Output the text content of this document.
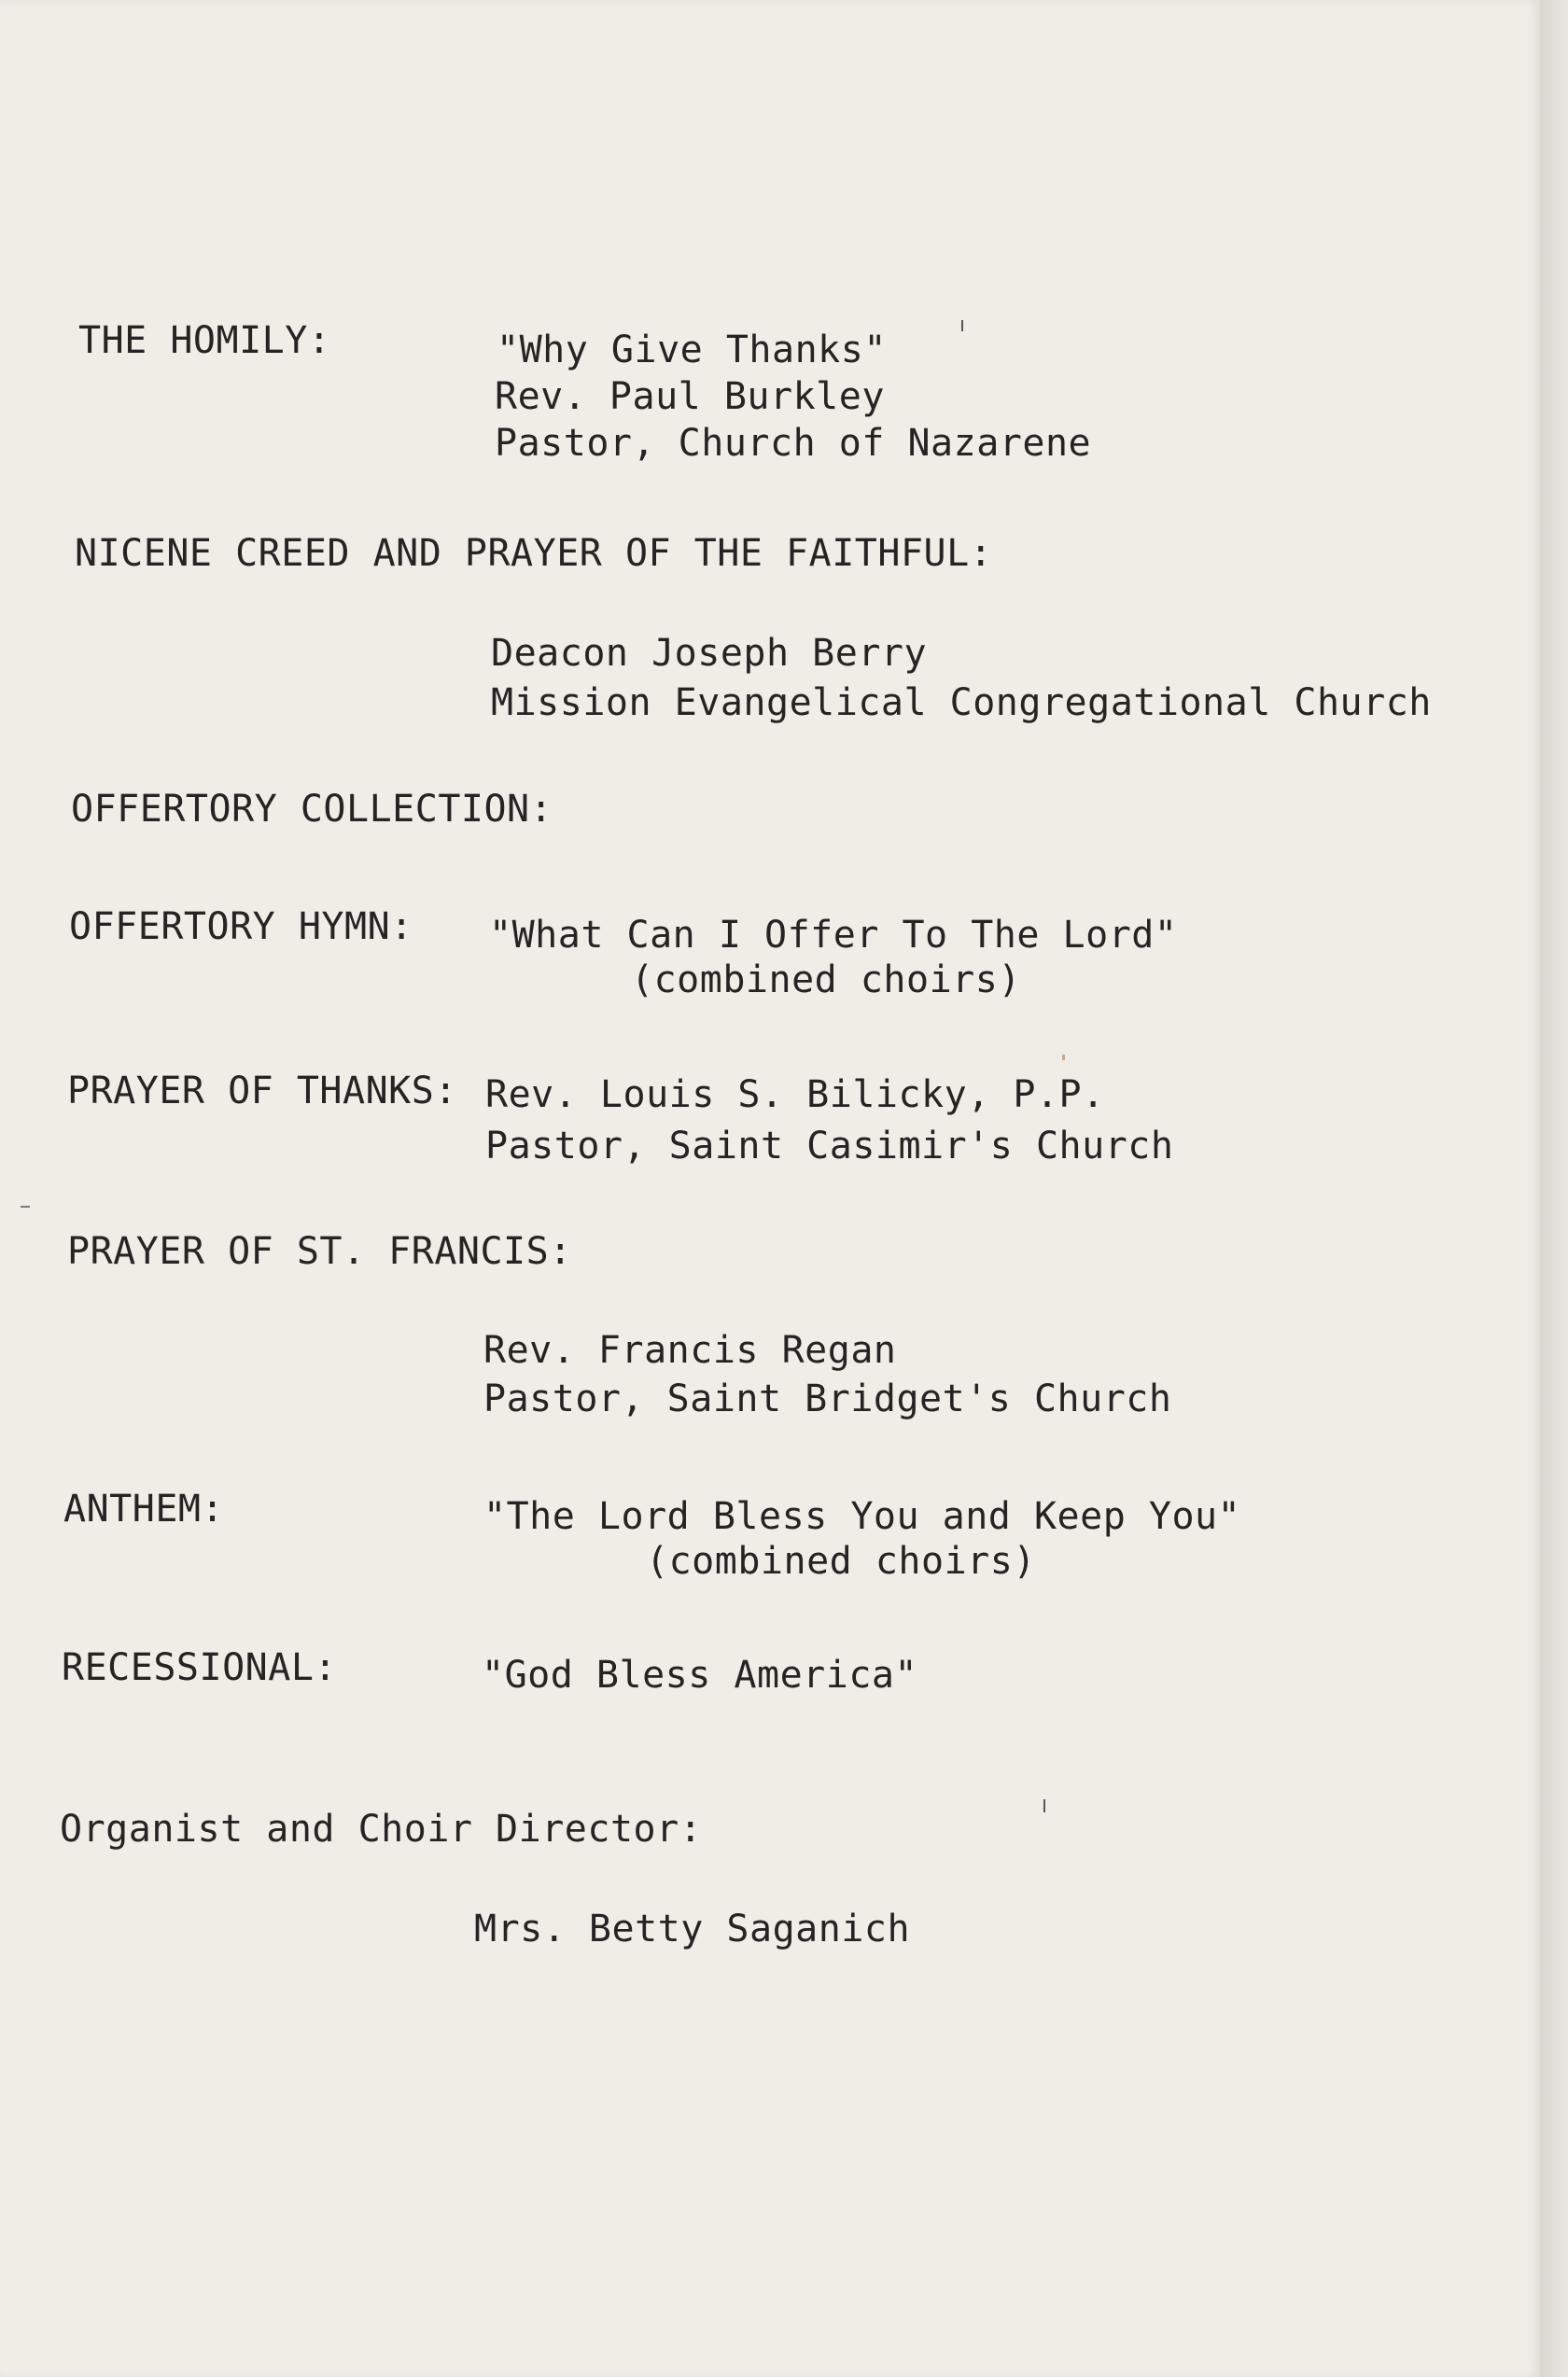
THE HOMILY:	"Why Give Thanks"
Rev. Paul Burkley
Pastor, Church of Nazarene
NICENE CREED AND PRAYER OF THE FAITHFUL:
Deacon Joseph Berry
Mission Evangelical Congregational Church
OFFERTORY COLLECTION:
OFFERTORY HYMN: "What Can I Offer To The Lord"
(combined choirs)
PRAYER OF THANKS: Rev. Louis S. Bilicky, P.P.
Pastor, Saint Casimir's Church
PRAYER OF ST. FRANCIS:
Rev. Francis Regan
Pastor, Saint Bridget's Church
ANTHEM:	"The Lord Bless You and Keep You"
(combined choirs)
RECESSIONAL:	"God Bless America"
Organist and Choir Director:
Mrs. Betty Saganich
